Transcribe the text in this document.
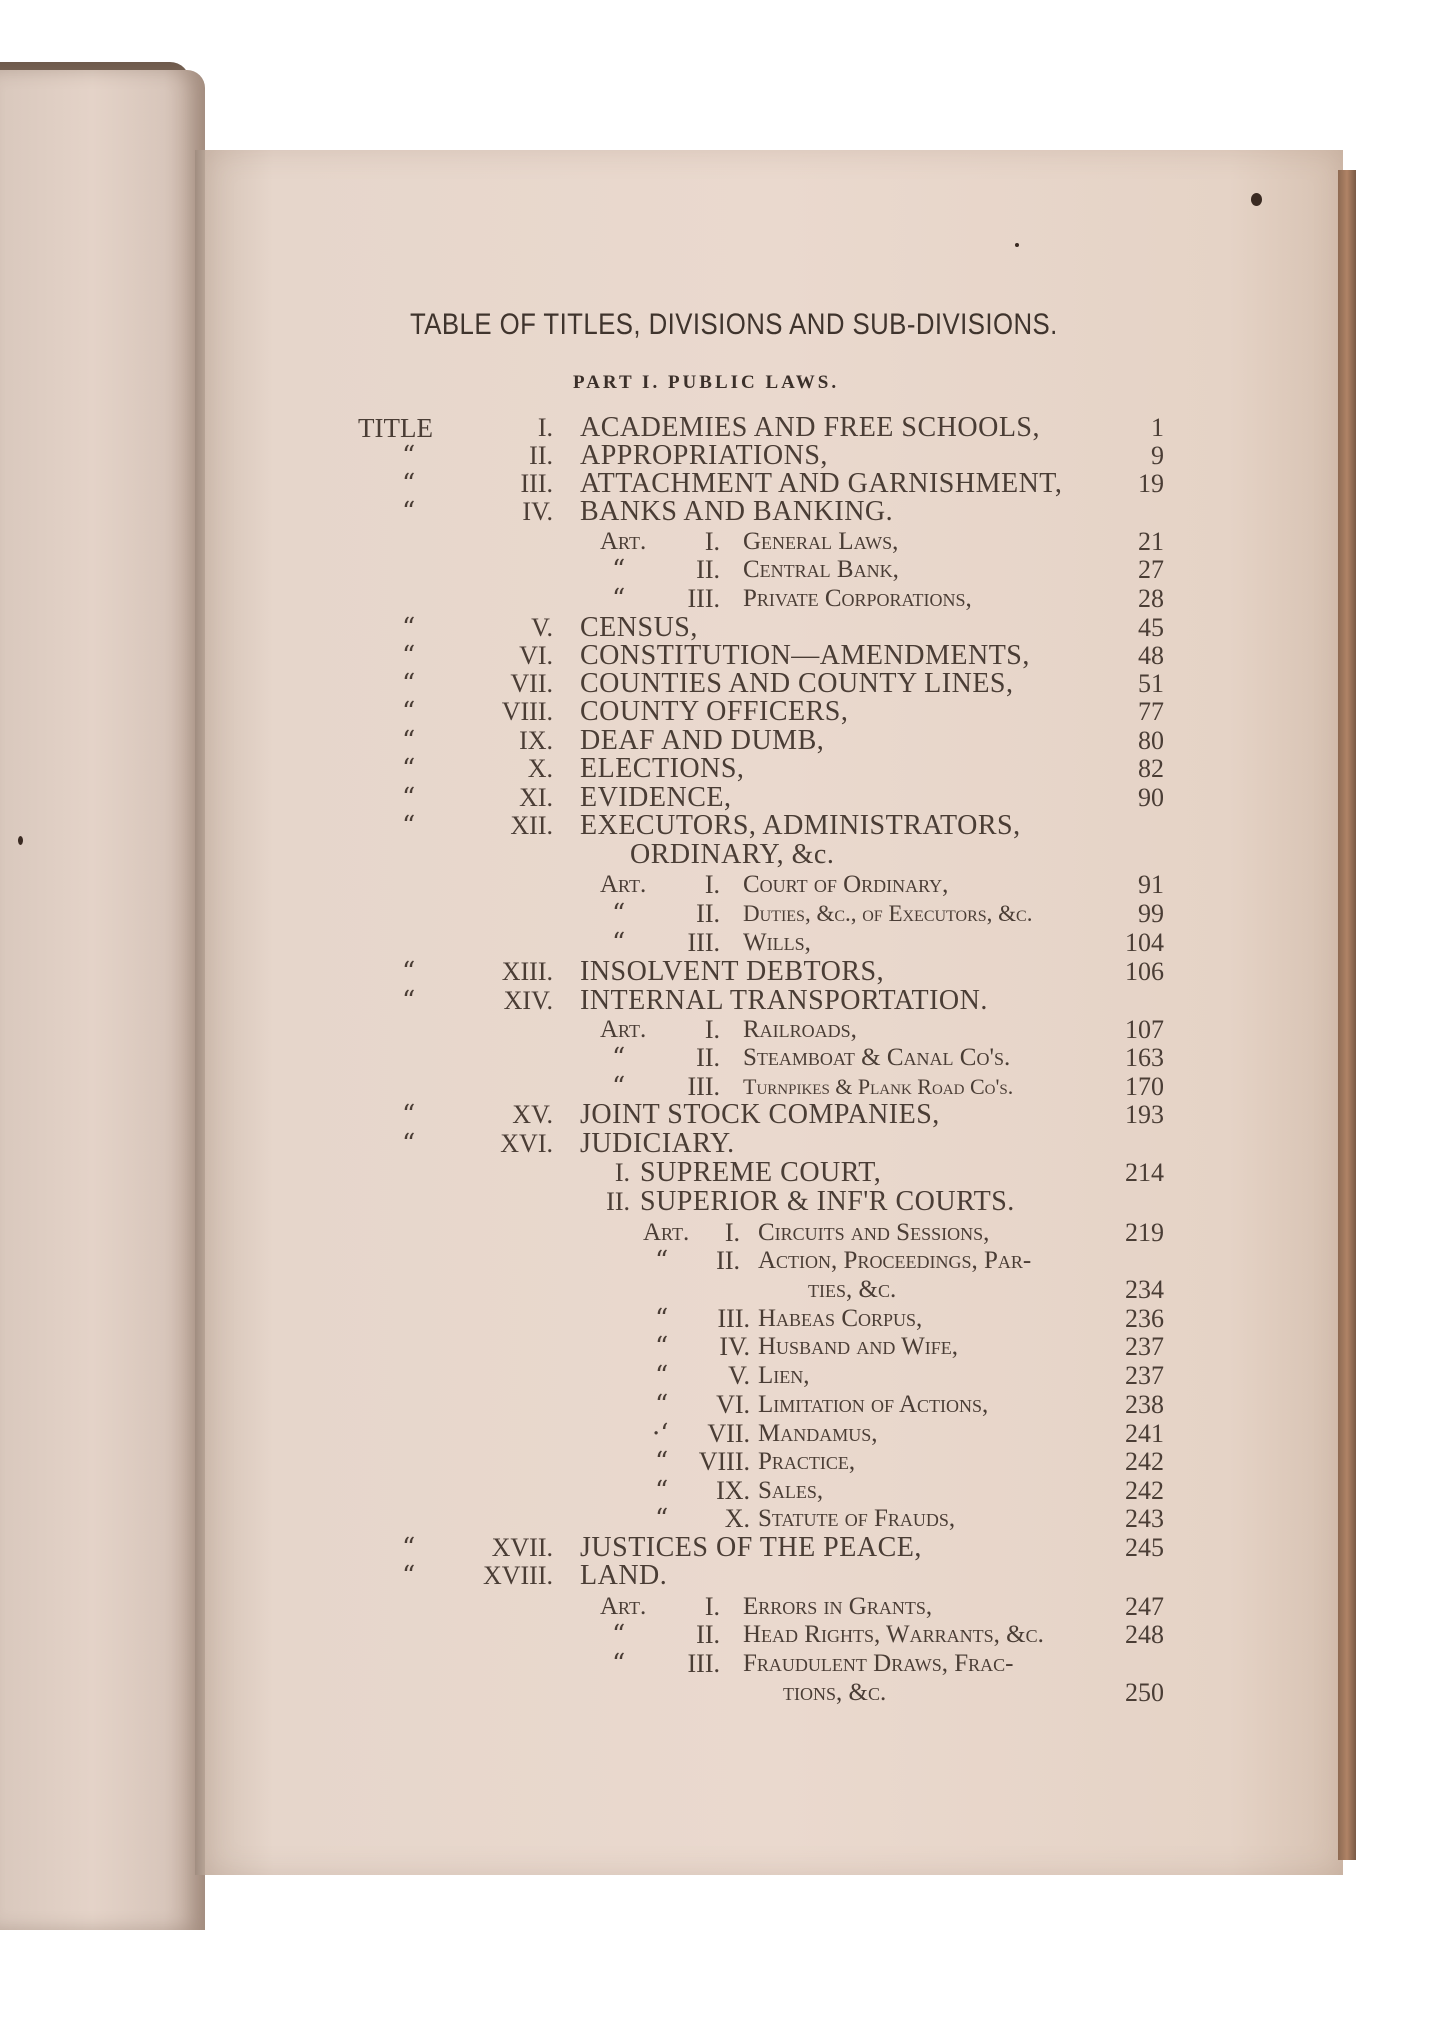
TABLE OF TITLES, DIVISIONS AND SUB-DIVISIONS.
PART I. PUBLIC LAWS.
TITLE	I. ACADEMIES AND FREE SCHOOLS,	1
“	II. APPROPRIATIONS,	9
“	III. ATTACHMENT AND GARNISHMENT,	19
“	IV. BANKS AND BANKING.
Art.	I. General Laws,	21
“	II. Central Bank,	27
“	III. Private Corporations,	28
“	V. CENSUS,	45
“	VI. CONSTITUTION—AMENDMENTS,	48
“	VII. COUNTIES AND COUNTY LINES,	51
“	VIII. COUNTY OFFICERS,	77
“	IX. DEAF AND DUMB,	80
“	X. ELECTIONS,	82
“	XI. EVIDENCE,	90
“	XII. EXECUTORS, ADMINISTRATORS,
ORDINARY, &c.
Art.	I. Court of Ordinary,	91
“	II. Duties, &c., of Executors, &c.	99
“	III. Wills,	104
“	XIII. INSOLVENT DEBTORS,	106
“	XIV. INTERNAL TRANSPORTATION.
Art.	I. Railroads,	107
“	II. Steamboat & Canal Co's.	163
“	III. Turnpikes & Plank Road Co's.	170
“	XV. JOINT STOCK COMPANIES,	193
“	XVI. JUDICIARY.
I. SUPREME COURT,	214
II. SUPERIOR & INF'R COURTS.
Art.	I. Circuits and Sessions,	219
“	II. Action, Proceedings, Par-
ties, &c.	234
“	III. Habeas Corpus,	236
“	IV. Husband and Wife,	237
“	V. Lien,	237
“	VI. Limitation of Actions,	238
·‘	VII. Mandamus,	241
“	VIII. Practice,	242
“	IX. Sales,	242
“	X. Statute of Frauds,	243
“	XVII. JUSTICES OF THE PEACE,	245
“	XVIII. LAND.
Art.	I. Errors in Grants,	247
“	II. Head Rights, Warrants, &c.	248
“	III. Fraudulent Draws, Frac-
tions, &c.	250
